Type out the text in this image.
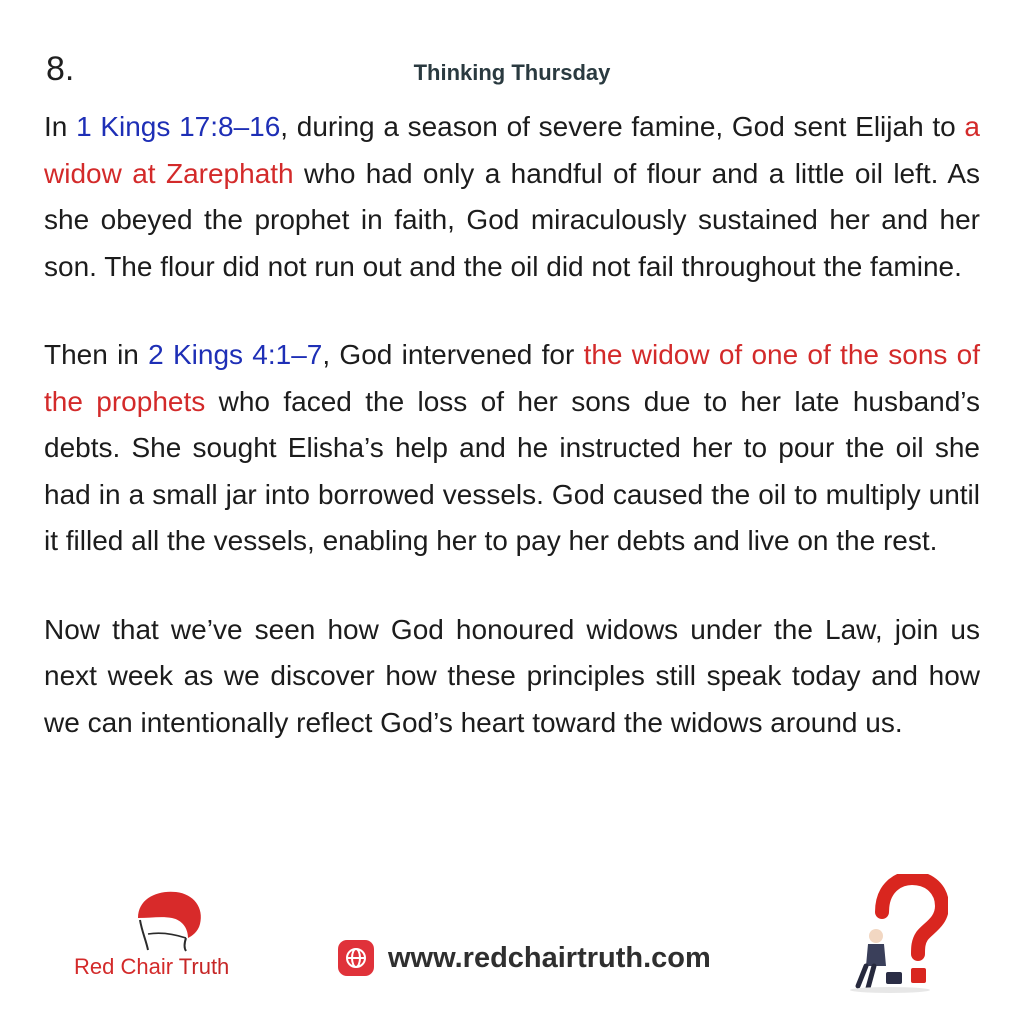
8.	Thinking Thursday

In 1 Kings 17:8–16, during a season of severe famine, God sent Elijah to a widow at Zarephath who had only a handful of flour and a little oil left. As she obeyed the prophet in faith, God miraculously sustained her and her son. The flour did not run out and the oil did not fail throughout the famine.

Then in 2 Kings 4:1–7, God intervened for the widow of one of the sons of the prophets who faced the loss of her sons due to her late husband’s debts. She sought Elisha’s help and he instructed her to pour the oil she had in a small jar into borrowed vessels. God caused the oil to multiply until it filled all the vessels, enabling her to pay her debts and live on the rest.

Now that we’ve seen how God honoured widows under the Law, join us next week as we discover how these principles still speak today and how we can intentionally reflect God’s heart toward the widows around us.

Red Chair Truth	www.redchairtruth.com
